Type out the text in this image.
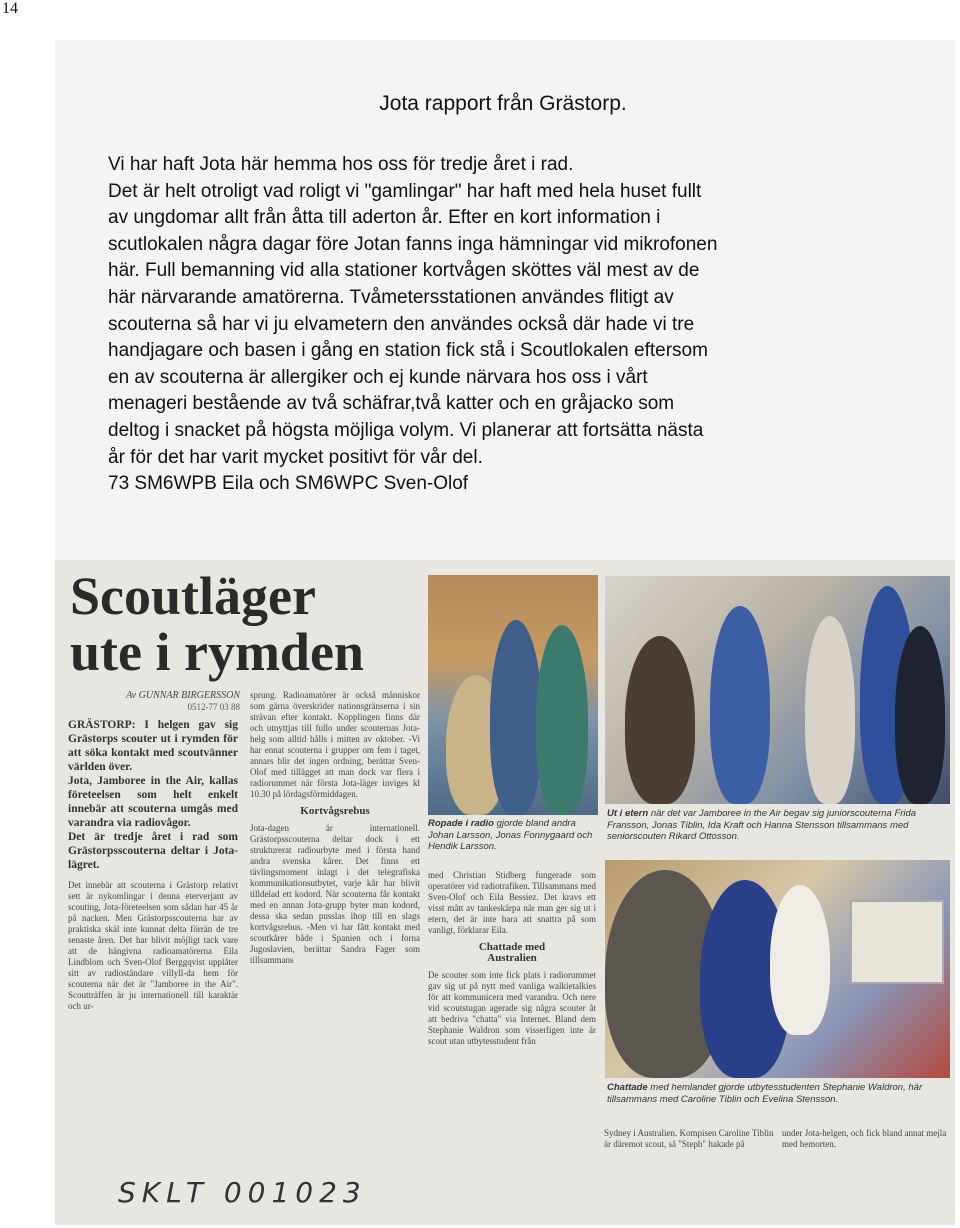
14
Jota rapport från Grästorp.

Vi har haft Jota här hemma hos oss för tredje året i rad.

Det är helt otroligt vad roligt vi "gamlingar" har haft med hela huset fullt

av ungdomar allt från åtta till aderton år. Efter en kort information i

scutlokalen några dagar före Jotan fanns inga hämningar vid mikrofonen

här. Full bemanning vid alla stationer kortvågen sköttes väl mest av de

här närvarande amatörerna. Tvåmetersstationen användes flitigt av

scouterna så har vi ju elvametern den användes också där hade vi tre

handjagare och basen i gång en station fick stå i Scoutlokalen eftersom

en av scouterna är allergiker och ej kunde närvara hos oss i vårt

menageri bestående av två schäfrar,två katter och en gråjacko som

deltog i snacket på högsta möjliga volym. Vi planerar att fortsätta nästa

år för det har varit mycket positivt för vår del.

73 SM6WPB Eila och SM6WPC Sven-Olof

Scoutläger
ute i rymden
Av GUNNAR BIRGERSSON
0512-77 03 88
GRÄSTORP: I helgen gav sig Grästorps scouter ut i rymden för att söka kontakt med scoutvänner världen över.
Jota, Jamboree in the Air, kallas företeelsen som helt enkelt innebär att scouterna umgås med varandra via radiovågor.
Det är tredje året i rad som Grästorpsscouterna deltar i Jota-lägret.
Det innebär att scouterna i Grästorp relativt sett är nykomlingar i denna eterverjant av scouting, Jota-företeelsen som sådan har 45 år på nacken. Men Grästorpsscouterna har av praktiska skäl inte kunnat delta förrän de tre senaste åren. Det har blivit möjligt tack vare att de hängivna radioamatörerna Eila Lindblom och Sven-Olof Berggqvist upplåter sitt av radioständare villyll-da hem för scouterna när det är "Jamboree in the Air". Scoutträffen är ju internationell till karaktär och ur-
sprung. Radioamatörer är också människor som gärna överskrider nationsgränserna i sin strävan efter kontakt. Kopplingen finns där och utnyttjas till fullo under scouternas Jota-helg som alltid hålls i mitten av oktober. -Vi har ennat scouterna i grupper om fem i taget, annars blir det ingen ordning, berättar Sven-Olof med tillägget att man dock var flera i radiorummet när första Jota-läger inviges kl 10.30 på lördagsförmiddagen.
Kortvågsrebus
Jota-dagen är internationell. Grästorpsscouterna deltar dock i ett strukturerat radiourbyte med i första hand andra svenska kårer. Det finns ett tävlingsmoment inlagt i det telegrafiska kommunikationsutbytet, varje kår har blivit tilldelad ett kodord. När scouterna får kontakt med en annan Jota-grupp byter man kodord, dessa ska sedan pusslas ihop till en slags kortvågsrebus. -Men vi har fått kontakt med scoutkårer både i Spanien och i forna Jugoslavien, berättar Sandra Fager som tillsammans
med Christian Stidberg fungerade som operatörer vid radiotrafiken. Tillsammans med Sven-Olof och Eila Bessiez. Det kravs ett visst mått av tankeskärpa när man ger sig ut i etern, det är inte bara att snattra på som vanligt, förklarar Eila.
Chattade med
Australien
De scouter som inte fick plats i radiorummet gav sig ut på nytt med vanliga walkietalkies för att kommunicera med varandra. Och nere vid scoutstugan agerade sig några scouter åt att bedriva "chatta" via Internet. Bland dem Stephanie Waldron som visserligen inte är scout utan utbytesstudent från
Ropade i radio gjorde bland andra Johan Larsson, Jonas Fonnygaard och Hendik Larsson.
Ut i etern när det var Jamboree in the Air begav sig juniorscouterna Frida Fransson, Jonas Tiblin, Ida Kraft och Hanna Stensson tillsammans med seniorscouten Rikard Ottosson.
Chattade med hemlandet gjorde utbytesstudenten Stephanie Waldron, här tillsammans med Caroline Tiblin och Evelina Stensson.
Sydney i Australien. Kompisen Caroline Tiblin är däremot scout, så "Steph" hakade på
under Jota-helgen, och fick bland annat mejla med hemorten.
SKLT 001023
